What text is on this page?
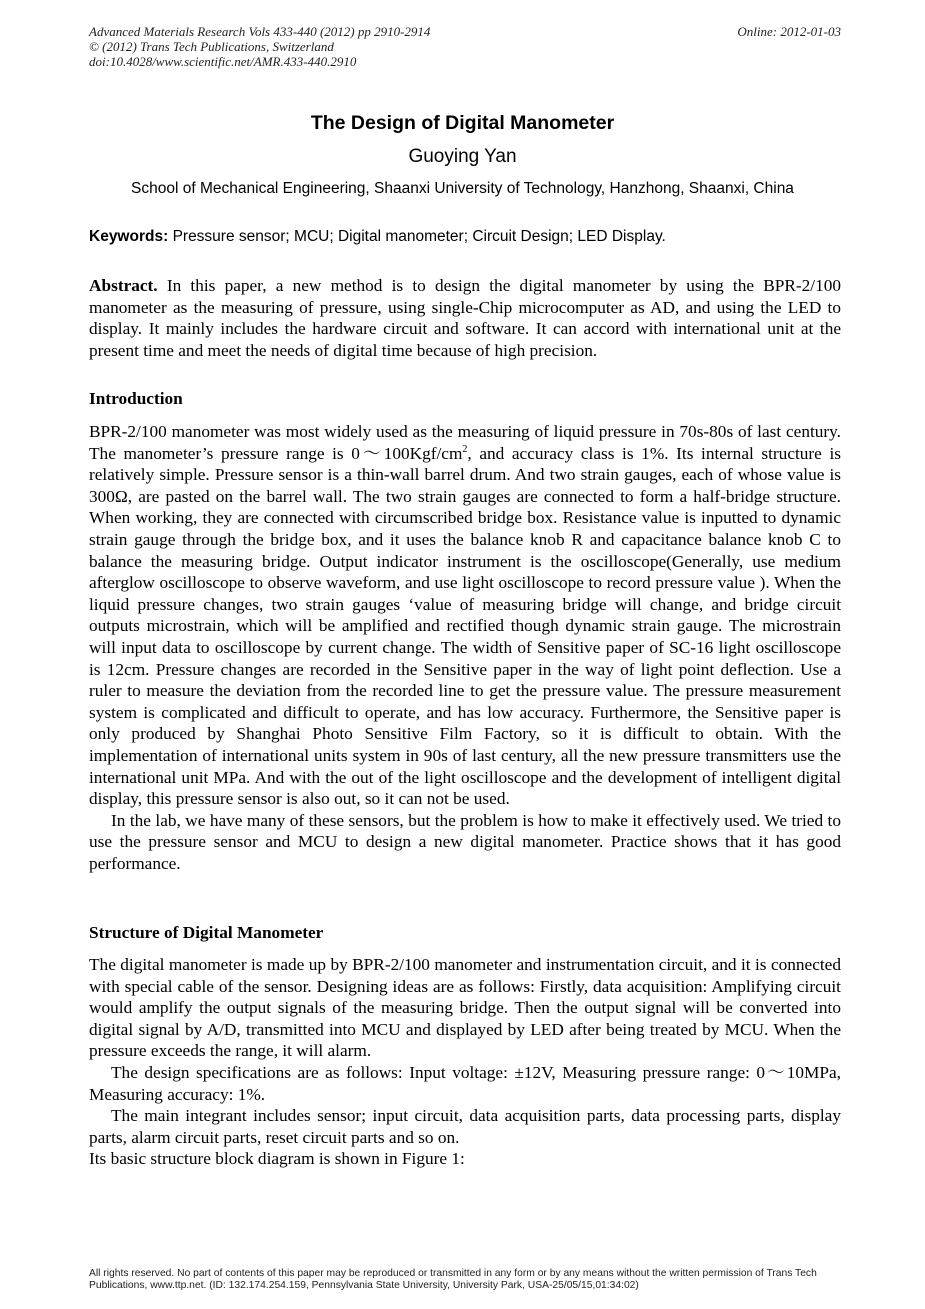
Advanced Materials Research Vols 433-440 (2012) pp 2910-2914	Online: 2012-01-03
© (2012) Trans Tech Publications, Switzerland
doi:10.4028/www.scientific.net/AMR.433-440.2910
The Design of Digital Manometer
Guoying Yan
School of Mechanical Engineering, Shaanxi University of Technology, Hanzhong, Shaanxi, China
Keywords: Pressure sensor; MCU; Digital manometer; Circuit Design; LED Display.

Abstract. In this paper, a new method is to design the digital manometer by using the BPR-2/100 manometer as the measuring of pressure, using single-Chip microcomputer as AD, and using the LED to display. It mainly includes the hardware circuit and software. It can accord with international unit at the present time and meet the needs of digital time because of high precision.

Introduction

BPR-2/100 manometer was most widely used as the measuring of liquid pressure in 70s-80s of last century. The manometer’s pressure range is $0\sim 100Kgf/cm^2$, and accuracy class is 1%. Its internal structure is relatively simple. Pressure sensor is a thin-wall barrel drum. And two strain gauges, each of whose value is 300Ω, are pasted on the barrel wall. The two strain gauges are connected to form a half-bridge structure. When working, they are connected with circumscribed bridge box. Resistance value is inputted to dynamic strain gauge through the bridge box, and it uses the balance knob R and capacitance balance knob C to balance the measuring bridge. Output indicator instrument is the oscilloscope(Generally, use medium afterglow oscilloscope to observe waveform, and use light oscilloscope to record pressure value ). When the liquid pressure changes, two strain gauges ‘value of measuring bridge will change, and bridge circuit outputs microstrain, which will be amplified and rectified though dynamic strain gauge. The microstrain will input data to oscilloscope by current change. The width of Sensitive paper of SC-16 light oscilloscope is 12cm. Pressure changes are recorded in the Sensitive paper in the way of light point deflection. Use a ruler to measure the deviation from the recorded line to get the pressure value. The pressure measurement system is complicated and difficult to operate, and has low accuracy. Furthermore, the Sensitive paper is only produced by Shanghai Photo Sensitive Film Factory, so it is difficult to obtain. With the implementation of international units system in 90s of last century, all the new pressure transmitters use the international unit MPa. And with the out of the light oscilloscope and the development of intelligent digital display, this pressure sensor is also out, so it can not be used.

In the lab, we have many of these sensors, but the problem is how to make it effectively used. We tried to use the pressure sensor and MCU to design a new digital manometer. Practice shows that it has good performance.

Structure of Digital Manometer

The digital manometer is made up by BPR-2/100 manometer and instrumentation circuit, and it is connected with special cable of the sensor. Designing ideas are as follows: Firstly, data acquisition: Amplifying circuit would amplify the output signals of the measuring bridge. Then the output signal will be converted into digital signal by A/D, transmitted into MCU and displayed by LED after being treated by MCU. When the pressure exceeds the range, it will alarm.

The design specifications are as follows: Input voltage: ±12V, Measuring pressure range: 0～10MPa, Measuring accuracy: 1%.

The main integrant includes sensor; input circuit, data acquisition parts, data processing parts, display parts, alarm circuit parts, reset circuit parts and so on.

Its basic structure block diagram is shown in Figure 1:

All rights reserved. No part of contents of this paper may be reproduced or transmitted in any form or by any means without the written permission of Trans Tech Publications, www.ttp.net. (ID: 132.174.254.159, Pennsylvania State University, University Park, USA-25/05/15,01:34:02)
